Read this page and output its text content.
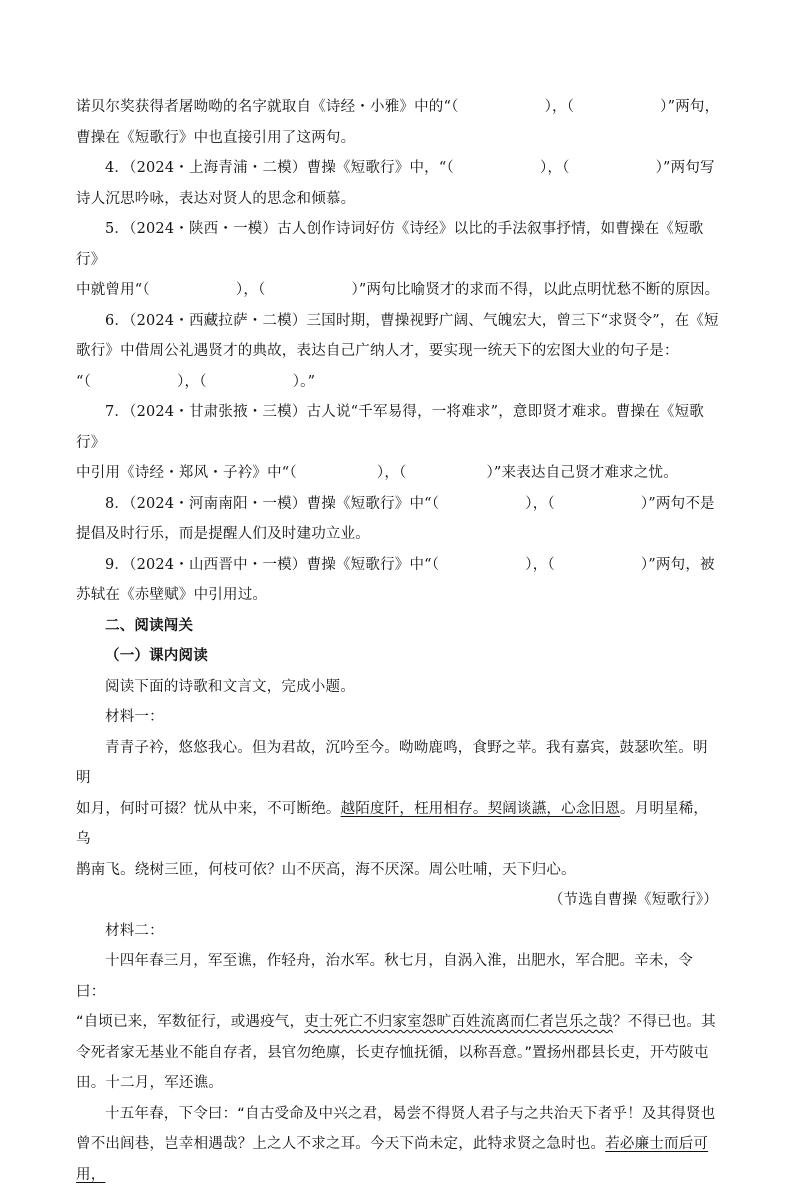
诺贝尔奖获得者屠呦呦的名字就取自《诗经・小雅》中的“（	），（	）”两句，

曹操在《短歌行》中也直接引用了这两句。

4．（2024・上海青浦・二模）曹操《短歌行》中，“（	），（	）”两句写

诗人沉思吟咏，表达对贤人的思念和倾慕。

5．（2024・陕西・一模）古人创作诗词好仿《诗经》以比的手法叙事抒情，如曹操在《短歌行》

中就曾用“（	），（	）”两句比喻贤才的求而不得，以此点明忧愁不断的原因。

6．（2024・西藏拉萨・二模）三国时期，曹操视野广阔、气魄宏大，曾三下“求贤令”，在《短

歌行》中借周公礼遇贤才的典故，表达自己广纳人才，要实现一统天下的宏图大业的句子是：

“（	），（	）。”

7．（2024・甘肃张掖・三模）古人说“千军易得，一将难求”，意即贤才难求。曹操在《短歌行》

中引用《诗经・郑风・子衿》中“（	），（	）”来表达自己贤才难求之忧。

8．（2024・河南南阳・一模）曹操《短歌行》中“（	），（	）”两句不是

提倡及时行乐，而是提醒人们及时建功立业。

9．（2024・山西晋中・一模）曹操《短歌行》中“（	），（	）”两句，被

苏轼在《赤壁赋》中引用过。

二、阅读闯关

（一）课内阅读

阅读下面的诗歌和文言文，完成小题。

材料一：

青青子衿，悠悠我心。但为君故，沉吟至今。呦呦鹿鸣，食野之苹。我有嘉宾，鼓瑟吹笙。明明

如月，何时可掇？忧从中来，不可断绝。越陌度阡，枉用相存。契阔谈讌，心念旧恩。月明星稀，乌

鹊南飞。绕树三匝，何枝可依？山不厌高，海不厌深。周公吐哺，天下归心。

（节选自曹操《短歌行》）

材料二：

十四年春三月，军至谯，作轻舟，治水军。秋七月，自涡入淮，出肥水，军合肥。辛未，令曰：

“自顷已来，军数征行，或遇疫气，吏士死亡不归家室怨旷百姓流离而仁者岂乐之哉？不得已也。其

令死者家无基业不能自存者，县官勿绝廪，长吏存恤抚循，以称吾意。”置扬州郡县长吏，开芍陂屯

田。十二月，军还谯。

十五年春，下令曰：“自古受命及中兴之君，曷尝不得贤人君子与之共治天下者乎！及其得贤也

曾不出闾巷，岂幸相遇哉？上之人不求之耳。今天下尚未定，此特求贤之急时也。若必廉士而后可用，
